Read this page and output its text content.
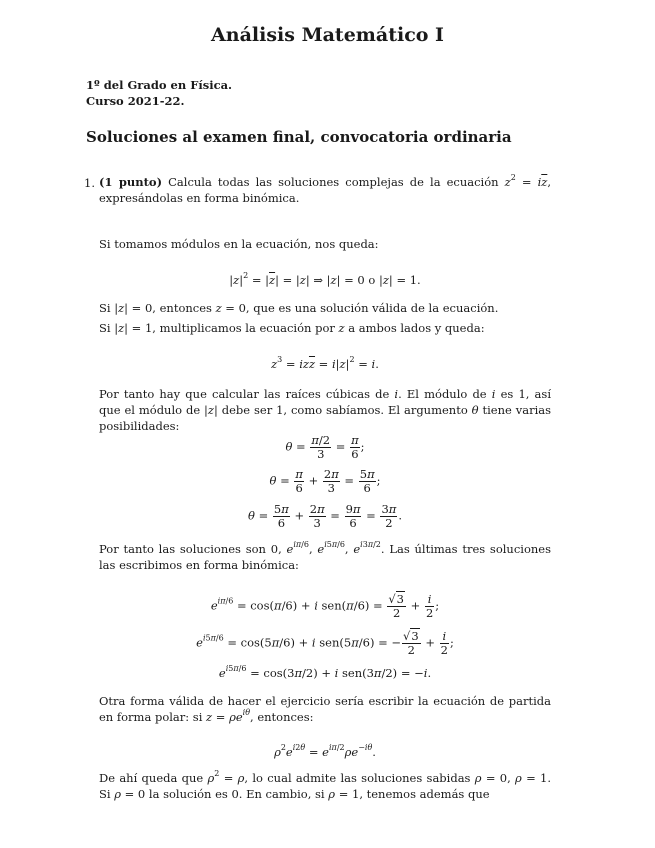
Análisis Matemático I
1º del Grado en Física.
Curso 2021-22.
Soluciones al examen final, convocatoria ordinaria
1. (1 punto) Calcula todas las soluciones complejas de la ecuación $z^2 = i\overline{z}$, expresándolas en forma binómica.
Si tomamos módulos en la ecuación, nos queda:
$|z|^2 = |\overline{z}| = |z|$ ⇒ |z| = 0 o |z| = 1.
Si |z| = 0, entonces z = 0, que es una solución válida de la ecuación.
Si |z| = 1, multiplicamos la ecuación por z a ambos lados y queda:
$z^3 = iz\overline{z} = i|z|^2 = i$.
Por tanto hay que calcular las raíces cúbicas de i. El módulo de i es 1, así que el módulo de |z| debe ser 1, como sabíamos. El argumento θ tiene varias posibilidades:
$\theta = \frac{\pi/2}{3} = \frac{\pi}{6}$ ;
$\theta = \frac{\pi}{6} + \frac{2\pi}{3} = \frac{5\pi}{6}$ ;
$\theta = \frac{5\pi}{6} + \frac{2\pi}{3} = \frac{9\pi}{6} = \frac{3\pi}{2}$ .
Por tanto las soluciones son 0, $e^{i\pi/6}$, $e^{i5\pi/6}$, $e^{i3\pi/2}$. Las últimas tres soluciones las escribimos en forma binómica:
$e^{i\pi/6} = \cos(\pi/6) + i$ $sen(\pi/6) = \frac{√3}{2} + \frac{i}{2}$ ;
$e^{i5\pi/6} = \cos(5\pi/6) + i$ sen(5π/6) = − $\frac{√3}{2} + \frac{i}{2}$ ;
$e^{i5\pi/6} = \cos(3\pi/2) + i$ sen(3π/2) = −i.
Otra forma válida de hacer el ejercicio sería escribir la ecuación de partida en forma polar: si $z = \rho e^{i\theta}$, entonces:
$\rho^2e^{i2\theta} = e^{i\pi/2}\rho e^{-i\theta}$.
De ahí queda que $\rho^2 = \rho$, lo cual admite las soluciones sabidas ρ = 0, ρ = 1. Si ρ = 0 la solución es 0. En cambio, si ρ = 1, tenemos además que
